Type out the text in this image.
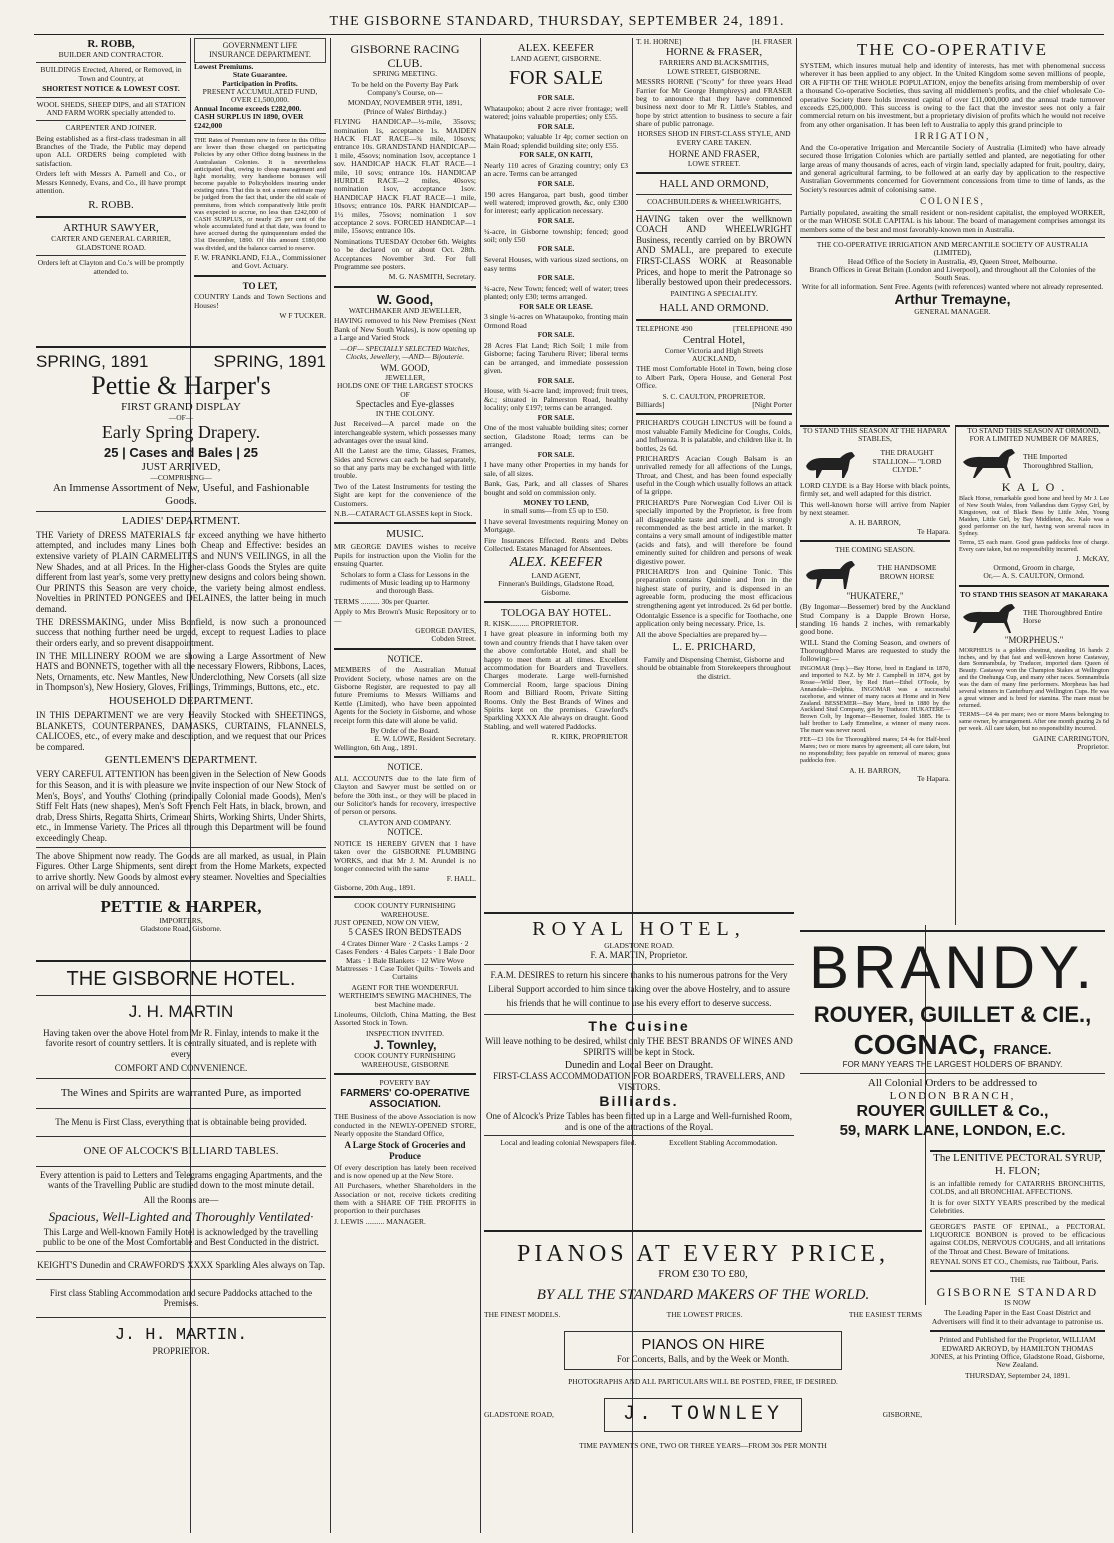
THE GISBORNE STANDARD, THURSDAY, SEPTEMBER 24, 1891.
R. ROBB,
BUILDER AND CONTRACTOR.

BUILDINGS Erected, Altered, or Removed, in Town and Country, at

SHORTEST NOTICE & LOWEST COST.

WOOL SHEDS, SHEEP DIPS, and all STATION AND FARM WORK specially attended to.

CARPENTER AND JOINER.

Being established as a first-class tradesman in all Branches of the Trade, the Public may depend upon ALL ORDERS being completed with satisfaction.

Orders left with Messrs A. Parnell and Co., or Messrs Kennedy, Evans, and Co., ill have prompt attention.

R. ROBB.
ARTHUR SAWYER,
CARTER AND GENERAL CARRIER,
GLADSTONE ROAD.

Orders left at Clayton and Co.'s will be promptly attended to.

GOVERNMENT LIFE INSURANCE DEPARTMENT.
Lowest Premiums.
State Guarantee.
Participation in Profits.
PRESENT ACCUMULATED FUND, OVER £1,500,000.
Annual Income exceeds £282,000.
CASH SURPLUS IN 1890, OVER £242,000

THE Rates of Premium now in force in this Office are lower than those charged on participating Policies by any other Office doing business in the Australasian Colonies. It is nevertheless anticipated that, owing to cheap management and light mortality, very handsome bonuses will become payable to Policyholders insuring under existing rates. That this is not a mere estimate may be judged from the fact that, under the old scale of premiums, from which comparatively little profit was expected to accrue, no less than £242,000 of CASH SURPLUS, or nearly 25 per cent of the whole accumulated fund at that date, was found to have accrued during the quinquennium ended the 31st December, 1890. Of this amount £180,000 was divided, and the balance carried to reserve.

F. W. FRANKLAND, F.I.A., Commissioner and Govt. Actuary.
TO LET,

COUNTRY Lands and Town Sections and Houses!

W F TUCKER.
SPRING, 1891	SPRING, 1891
Pettie & Harper's
FIRST GRAND DISPLAY
—OF—
Early Spring Drapery.
25 | Cases and Bales | 25
JUST ARRIVED,
—COMPRISING—
An Immense Assortment of New, Useful, and Fashionable Goods.
LADIES' DEPARTMENT.

THE Variety of DRESS MATERIALS far exceed anything we have hitherto attempted, and includes many Lines both Cheap and Effective: besides an extensive variety of PLAIN CARMELITES and NUN'S VEILINGS, in all the New Shades, and at all Prices. In the Higher-class Goods the Styles are quite different from last year's, some very pretty new designs and colors being shown. Our PRINTS this Season are very choice, the variety being almost endless. Novelties in PRINTED PONGEES and DELAINES, the latter being in much demand.

THE DRESSMAKING, under Miss Bonfield, is now such a pronounced success that nothing further need be urged, except to request Ladies to place their orders early, and so prevent disappointment.

IN THE MILLINERY ROOM we are showing a Large Assortment of New HATS and BONNETS, together with all the necessary Flowers, Ribbons, Laces, Nets, Ornaments, etc. New Mantles, New Underclothing, New Corsets (all size in Thompson's), New Hosiery, Gloves, Frillings, Trimmings, Buttons, etc., etc.

HOUSEHOLD DEPARTMENT.

IN THIS DEPARTMENT we are very Heavily Stocked with SHEETINGS, BLANKETS, COUNTERPANES, DAMASKS, CURTAINS, FLANNELS, CALICOES, etc., of every make and description, and we request that our Prices be compared.

GENTLEMEN'S DEPARTMENT.

VERY CAREFUL ATTENTION has been given in the Selection of New Goods for this Season, and it is with pleasure we invite inspection of our New Stock of Men's, Boys', and Youths' Clothing (principally Colonial made Goods), Men's Stiff Felt Hats (new shapes), Men's Soft French Felt Hats, in black, brown, and drab, Dress Shirts, Regatta Shirts, Crimean Shirts, Working Shirts, Under Shirts, etc., in Immense Variety. The Prices all through this Department will be found exceedingly Cheap.

The above Shipment now ready. The Goods are all marked, as usual, in Plain Figures. Other Large Shipments, sent direct from the Home Markets, expected to arrive shortly. New Goods by almost every steamer. Novelties and Specialties on arrival will be duly announced.

PETTIE & HARPER,
IMPORTERS,
Gladstone Road, Gisborne.
THE GISBORNE HOTEL.
J. H. MARTIN

Having taken over the above Hotel from Mr R. Finlay, intends to make it the favorite resort of country settlers. It is centrally situated, and is replete with every

COMFORT AND CONVENIENCE.
The Wines and Spirits are warranted Pure, as imported
The Menu is First Class, everything that is obtainable being provided.
ONE OF ALCOCK'S BILLIARD TABLES.

Every attention is paid to Letters and Telegrams engaging Apartments, and the wants of the Travelling Public are studied down to the most minute detail.

All the Rooms are—
Spacious, Well-Lighted and Thoroughly Ventilated·

This Large and Well-known Family Hotel is acknowledged by the travelling public to be one of the Most Comfortable and Best Conducted in the district.

KEIGHT'S Dunedin and CRAWFORD'S XXXX Sparkling Ales always on Tap.

First class Stabling Accommodation and secure Paddocks attached to the Premises.

J. H. MARTIN.
PROPRIETOR.
GISBORNE RACING CLUB.
SPRING MEETING.

To be held on the Poverty Bay Park Company's Course, on—

MONDAY, NOVEMBER 9TH, 1891,
(Prince of Wales' Birthday.)

FLYING HANDICAP—½-mile, 35sovs; nomination 1s, acceptance 1s. MAIDEN HACK FLAT RACE—¾ mile, 10sovs; entrance 10s. GRANDSTAND HANDICAP—1 mile, 45sovs; nomination 1sov, acceptance 1 sov. HANDICAP HACK FLAT RACE—1 mile, 10 sovs; entrance 10s. HANDICAP HURDLE RACE—2 miles, 40sovs; nomination 1sov, acceptance 1sov. HANDICAP HACK FLAT RACE—1 mile, 10sovs; entrance 10s. PARK HANDICAP—1½ miles, 75sovs; nomination 1 sov acceptance 2 sovs. FORCED HANDICAP—1 mile, 15sovs; entrance 10s.

Nominations TUESDAY October 6th. Weights to be declared on or about Oct. 28th. Acceptances November 3rd. For full Programme see posters.

M. G. NASMITH, Secretary.
W. Good,
WATCHMAKER AND JEWELLER,

HAVING removed to his New Premises (Next Bank of New South Wales), is now opening up a Large and Varied Stock

—OF— SPECIALLY SELECTED Watches, Clocks, Jewellery, —AND— Bijouterie.

WM. GOOD,
JEWELLER,
HOLDS ONE OF THE LARGEST STOCKS OF
Spectacles and Eye-glasses
IN THE COLONY.

Just Received—A parcel made on the interchangeable system, which possesses many advantages over the usual kind.

All the Latest are the time, Glasses, Frames, Sides and Screws can each be had separately, so that any parts may be exchanged with little trouble.

Two of the Latest Instruments for testing the Sight are kept for the convenience of the Customers.

N.B.—CATARACT GLASSES kept in Stock.

MUSIC.

MR GEORGE DAVIES wishes to receive Pupils for instruction upon the Violin for the ensuing Quarter.

Scholars to form a Class for Lessons in the rudiments of Music leading up to Harmony and thorough Bass.

TERMS .......... 30s per Quarter.

Apply to Mrs Brown's Music Repository or to—

GEORGE DAVIES,
Cobden Street.
NOTICE.

MEMBERS of the Australian Mutual Provident Society, whose names are on the Gisborne Register, are requested to pay all future Premiums to Messrs Williams and Kettle (Limited), who have been appointed Agents for the Society in Gisborne, and whose receipt form this date will alone be valid.

By Order of the Board.
E. W. LOWE, Resident Secretary.
Wellington, 6th Aug., 1891.
NOTICE.

ALL ACCOUNTS due to the late firm of Clayton and Sawyer must be settled on or before the 30th inst., or they will be placed in our Solicitor's hands for recovery, irrespective of person or persons.

CLAYTON AND COMPANY.
NOTICE.

NOTICE IS HEREBY GIVEN that I have taken over the GISBORNE PLUMBING WORKS, and that Mr J. M. Arundel is no longer connected with the same

F. HALL.
Gisborne, 20th Aug., 1891.
COOK COUNTY FURNISHING WAREHOUSE.
JUST OPENED, NOW ON VIEW,
5 CASES IRON BEDSTEADS

4 Crates Dinner Ware · 2 Casks Lamps · 2 Cases Fenders · 4 Bales Carpets · 1 Bale Door Mats · 1 Bale Blankets · 12 Wire Wove Mattresses · 1 Case Toilet Quilts · Towels and Curtains

AGENT FOR THE WONDERFUL WERTHEIM'S SEWING MACHINES, The best Machine made.

Linoleums, Oilcloth, China Matting, the Best Assorted Stock in Town.

INSPECTION INVITED.
J. Townley,
COOK COUNTY FURNISHING WAREHOUSE, GISBORNE
POVERTY BAY
FARMERS' CO-OPERATIVE ASSOCIATION.

THE Business of the above Association is now conducted in the NEWLY-OPENED STORE, Nearly opposite the Standard Office,

A Large Stock of Groceries and Produce

Of every description has lately been received and is now opened up at the New Store.

All Purchasers, whether Shareholders in the Association or not, receive tickets crediting them with a SHARE OF THE PROFITS in proportion to their purchases

J. LEWIS .......... MANAGER.
ALEX. KEEFER
LAND AGENT, GISBORNE.
FOR SALE
FOR SALE.

Whataupoko; about 2 acre river frontage; well watered; joins valuable properties; only £55.

FOR SALE.

Whataupoko; valuable 1r 4p; corner section on Main Road; splendid building site; only £55.

FOR SALE, ON KAITI,

Nearly 110 acres of Grazing country; only £3 an acre. Terms can be arranged

FOR SALE.

190 acres Hangaroa, part bush, good timber well watered; improved growth, &c, only £300 for interest; early application necessary.

FOR SALE.

¼-acre, in Gisborne township; fenced; good soil; only £50

FOR SALE.

Several Houses, with various sized sections, on easy terms

FOR SALE.

¼-acre, New Town; fenced; well of water; trees planted; only £30; terms arranged.

FOR SALE OR LEASE.

3 single ¼-acres on Whataupoko, fronting main Ormond Road

FOR SALE.

28 Acres Flat Land; Rich Soil; 1 mile from Gisborne; facing Taruheru River; liberal terms can be arranged, and immediate possession given.

FOR SALE.

House, with ¼-acre land; improved; fruit trees, &c.; situated in Palmerston Road, healthy locality; only £197; terms can be arranged.

FOR SALE.

One of the most valuable building sites; corner section, Gladstone Road; terms can be arranged.

FOR SALE.

I have many other Properties in my hands for sale, of all sizes.

Bank, Gas, Park, and all classes of Shares bought and sold on commission only.

MONEY TO LEND,
in small sums—from £5 up to £50.

I have several Investments requiring Money on Mortgage.

Fire Insurances Effected. Rents and Debts Collected. Estates Managed for Absentees.

ALEX. KEEFER
LAND AGENT,
Finneran's Buildings, Gladstone Road, Gisborne.
TOLOGA BAY HOTEL.
R. KISK.......... PROPRIETOR.

I have great pleasure in informing both my town and country friends that I have taken over the above comfortable Hotel, and shall be happy to meet them at all times. Excellent accommodation for Boarders and Travellers. Charges moderate. Large well-furnished Commercial Room, large spacious Dining Room and Billiard Room, Private Sitting Rooms. Only the Best Brands of Wines and Spirits kept on the premises. Crawford's Sparkling XXXX Ale always on draught. Good Stabling, and well watered Paddocks.

R. KIRK, PROPRIETOR
T. H. HORNE]	[H. FRASER
HORNE & FRASER,
FARRIERS AND BLACKSMITHS,
LOWE STREET, GISBORNE.

MESSRS HORNE ("Scotty" for three years Head Farrier for Mr George Humphreys) and FRASER beg to announce that they have commenced business next door to Mr R. Little's Stables, and hope by strict attention to business to secure a fair share of public patronage.

HORSES SHOD IN FIRST-CLASS STYLE, AND EVERY CARE TAKEN.

HORNE AND FRASER,
LOWE STREET.
HALL AND ORMOND,
COACHBUILDERS & WHEELWRIGHTS,

HAVING taken over the wellknown COACH AND WHEELWRIGHT Business, recently carried on by BROWN AND SMALL, are prepared to execute FIRST-CLASS WORK at Reasonable Prices, and hope to merit the Patronage so liberally bestowed upon their predecessors.

PAINTING A SPECIALITY.
HALL AND ORMOND.
TELEPHONE 490	[TELEPHONE 490
Central Hotel,
Corner Victoria and High Streets
AUCKLAND,

THE most Comfortable Hotel in Town, being close to Albert Park, Opera House, and General Post Office.

S. C. CAULTON, PROPRIETOR.
Billiards]	[Night Porter

PRICHARD'S COUGH LINCTUS will be found a most valuable Family Medicine for Coughs, Colds, and Influenza. It is palatable, and children like it. In bottles, 2s 6d.

PRICHARD'S Acacian Cough Balsam is an unrivalled remedy for all affections of the Lungs, Throat, and Chest, and has been found especially useful in the Cough which usually follows an attack of la grippe.

PRICHARD'S Pure Norwegian Cod Liver Oil is specially imported by the Proprietor, is free from all disagreeable taste and smell, and is strongly recommended as the best article in the market. It contains a very small amount of indigestible matter (acids and fats), and will therefore be found eminently suited for children and persons of weak digestive power.

PRICHARD'S Iron and Quinine Tonic. This preparation contains Quinine and Iron in the highest state of purity, and is dispensed in an agreeable form, producing the most efficacious strengthening agent yet introduced. 2s 6d per bottle.

Odontalgic Essence is a specific for Toothache, one application only being necessary. Price, 1s.

All the above Specialties are prepared by—

L. E. PRICHARD,

Family and Dispensing Chemist, Gisborne and should be obtainable from Storekeepers throughout the district.

THE CO-OPERATIVE

SYSTEM, which insures mutual help and identity of interests, has met with phenomenal success wherever it has been applied to any object. In the United Kingdom some seven millions of people, OR A FIFTH OF THE WHOLE POPULATION, enjoy the benefits arising from membership of over a thousand Co-operative Societies, thus saving all middlemen's profits, and the chief wholesale Co-operative Society there holds invested capital of over £11,000,000 and the annual trade turnover exceeds £25,000,000. This success is owing to the fact that the investor sees not only a fair commercial return on his investment, but a proprietary division of profits which he would not receive from any other organisation. It has been left to Australia to apply this grand principle to

IRRIGATION,

And the Co-operative Irrigation and Mercantile Society of Australia (Limited) who have already secured those Irrigation Colonies which are partially settled and planted, are negotiating for other large areas of many thousands of acres, each of virgin land, specially adapted for fruit, poultry, dairy, and general agricultural farming, to be followed at an early day by application to the respective Australian Governments concerned for Government concessions from time to time of lands, as the Society's resources admit of colonising same.

COLONIES,

Partially populated, awaiting the small resident or non-resident capitalist, the employed WORKER, or the man WHOSE SOLE CAPITAL is his labour. The board of management comprises amongst its members some of the best and most favorably-known men in Australia.

THE CO-OPERATIVE IRRIGATION AND MERCANTILE SOCIETY OF AUSTRALIA (LIMITED),
Head Office of the Society in Australia, 49, Queen Street, Melbourne.
Branch Offices in Great Britain (London and Liverpool), and throughout all the Colonies of the South Seas.
Write for all information. Sent Free. Agents (with references) wanted where not already represented.
Arthur Tremayne,
GENERAL MANAGER.
TO STAND THIS SEASON AT THE HAPARA STABLES,
THE DRAUGHT STALLION— "LORD CLYDE."

LORD CLYDE is a Bay Horse with black points, firmly set, and well adapted for this district.

This well-known horse will arrive from Napier by next steamer.

A. H. BARRON,
Te Hapara.
THE COMING SEASON.
THE HANDSOME BROWN HORSE
"HUKATERE,"

(By Ingomar—Bessemer) bred by the Auckland Stud Company is a Dapple Brown Horse, standing 16 hands 2 inches, with remarkably good bone.

WILL Stand the Coming Season, and owners of Thoroughbred Mares are requested to study the following:—

INGOMAR (Imp.)—Bay Horse, bred in England in 1870, and imported to N.Z. by Mr J. Campbell in 1874, got by Rosse—Wild Deer, by Red Hart—Ethel O'Toole, by Annandale—Delphia. INGOMAR was a successful racehorse, and winner of many races at Home and in New Zealand. BESSEMER—Bay Mare, bred in 1880 by the Auckland Stud Company, got by Traducer. HUKATERE—Brown Colt, by Ingomar—Bessemer, foaled 1885. He is half brother to Lady Emmeline, a winner of many races. The mare was never raced.

FEE—£3 10s for Thoroughbred mares; £4 4s for Half-bred Mares; two or more mares by agreement; all care taken, but no responsibility; fees payable on removal of mares; grass paddocks free.

A. H. BARRON,
Te Hapara.
TO STAND THIS SEASON AT ORMOND,
FOR A LIMITED NUMBER OF MARES,
THE Imported Thoroughbred Stallion,
K A L O .

Black Horse, remarkable good bone and bred by Mr J. Lee of New South Wales, from Vallandras dam Gypsy Girl, by Kingstown, out of Black Bess by Little John, Young Maiden, Little Girl, by Bay Middleton, &c. Kalo was a good performer on the turf, having won several races in Sydney.

Terms, £5 each mare. Good grass paddocks free of charge. Every care taken, but no responsibility incurred.

J. McKAY,
Ormond, Groom in charge,
Or,— A. S. CAULTON, Ormond.
TO STAND THIS SEASON AT MAKARAKA
THE Thoroughbred Entire Horse
"MORPHEUS."

MORPHEUS is a golden chestnut, standing 16 hands 2 inches, and by that fast and well-known horse Castaway, dam Somnambula, by Traducer, imported dam Queen of Beauty. Castaway won the Champion Stakes at Wellington and the Onehunga Cup, and many other races. Somnambula was the dam of many fine performers. Morpheus has had several winners in Canterbury and Wellington Cups. He was a great winner and is bred for stamina. The mare must be returned.

TERMS—£4 4s per mare; two or more Mares belonging to same owner, by arrangement. After one month grazing 2s 6d per week. All care taken, but no responsibility incurred.

GAINE CARRINGTON,
Proprietor.
ROYAL HOTEL,
GLADSTONE ROAD.
F. A. MARTIN, Proprietor.

F.A.M. DESIRES to return his sincere thanks to his numerous patrons for the Very Liberal Support accorded to him since taking over the above Hostelry, and to assure his friends that he will continue to use his every effort to deserve success.

The Cuisine

Will leave nothing to be desired, whilst only THE BEST BRANDS OF WINES AND SPIRITS will be kept in Stock.

Dunedin and Local Beer on Draught.
FIRST-CLASS ACCOMMODATION FOR BOARDERS, TRAVELLERS, AND VISITORS.
Billiards.

One of Alcock's Prize Tables has been fitted up in a Large and Well-furnished Room, and is one of the attractions of the Royal.

Local and leading colonial Newspapers filed.	Excellent Stabling Accommodation.
BRANDY.
ROUYER, GUILLET & CIE.,
COGNAC, FRANCE.
FOR MANY YEARS THE LARGEST HOLDERS OF BRANDY.
All Colonial Orders to be addressed to
LONDON BRANCH,
ROUYER GUILLET & Co.,
59, MARK LANE, LONDON, E.C.
PIANOS AT EVERY PRICE,
FROM £30 TO £80,
BY ALL THE STANDARD MAKERS OF THE WORLD.
THE FINEST MODELS.	THE LOWEST PRICES.	THE EASIEST TERMS
PIANOS ON HIRE
For Concerts, Balls, and by the Week or Month.
PHOTOGRAPHS AND ALL PARTICULARS WILL BE POSTED, FREE, IF DESIRED.
GLADSTONE ROAD,	J. TOWNLEY	GISBORNE,
TIME PAYMENTS ONE, TWO OR THREE YEARS—FROM 30s PER MONTH
The LENITIVE PECTORAL SYRUP, H. FLON;

is an infallible remedy for CATARRHS BRONCHITIS, COLDS, and all BRONCHIAL AFFECTIONS.

It is for over SIXTY YEARS prescribed by the medical Celebrities.

GEORGE'S PASTE OF EPINAL, a PECTORAL LIQUORICE BONBON is proved to be efficacious against COLDS, NERVOUS COUGHS, and all irritations of the Throat and Chest. Beware of Imitations.

REYNAL SONS ET CO., Chemists, rue Taitbout, Paris.

THE
GISBORNE STANDARD
IS NOW

The Leading Paper in the East Coast District and Advertisers will find it to their advantage to patronise us.

Printed and Published for the Proprietor, WILLIAM EDWARD AKROYD, by HAMILTON THOMAS JONES, at his Printing Office, Gladstone Road, Gisborne, New Zealand.

THURSDAY, September 24, 1891.
